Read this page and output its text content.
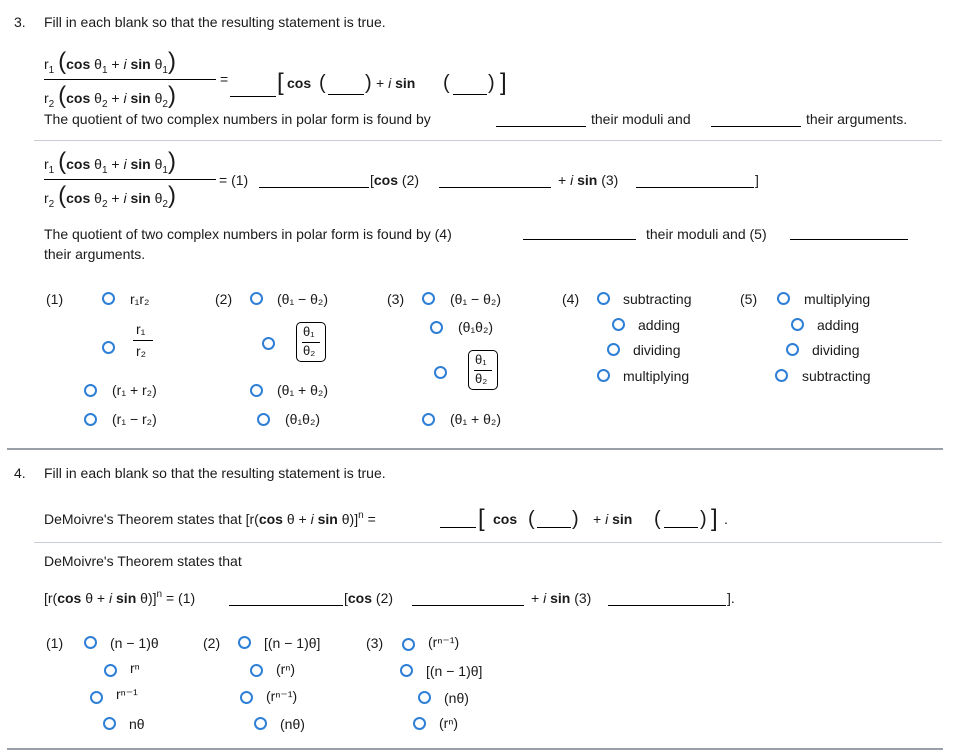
3. Fill in each blank so that the resulting statement is true.
$r_1$ (cos $\theta_1 + i$ $\sin \theta_1$)
$r_2$ (cos $\theta_2 + i$ $\sin \theta_2$)
= [ cos ( ) + i sin ( ) ]
The quotient of two complex numbers in polar form is found by	their moduli and	their arguments.
$r_1$ (cos $\theta_1 + i$ $\sin \theta_1$)
$r_2$ (cos $\theta_2 + i$ $\sin \theta_2$)
= (1)	[cos (2)	+ i sin (3)	]
The quotient of two complex numbers in polar form is found by (4)	their moduli and (5)
their arguments.
(1)	r₁r₂
r₁
r₂
(r₁ + r₂)
(r₁ − r₂)
(2)	(θ₁ − θ₂)
θ₁
θ₂
(θ₁ + θ₂)
(θ₁θ₂)
(3)	(θ₁ − θ₂)
(θ₁θ₂)
θ₁
θ₂
(θ₁ + θ₂)
(4)	subtracting
adding
dividing
multiplying
(5)	multiplying
adding
dividing
subtracting
4. Fill in each blank so that the resulting statement is true.
DeMoivre's Theorem states that [r(cos θ + i sin θ)]$^n$ =	[ cos ( ) + i sin ( ) ] .
DeMoivre's Theorem states that
[r(cos θ + i sin θ)]$^n$ = (1)	[cos (2)	+ i sin (3)	].
(1)	(n − 1)θ
rⁿ
rⁿ⁻¹
nθ
(2)	[(n − 1)θ]
(rⁿ)
(rⁿ⁻¹)
(nθ)
(3)	(rⁿ⁻¹)
[(n − 1)θ]
(nθ)
(rⁿ)
